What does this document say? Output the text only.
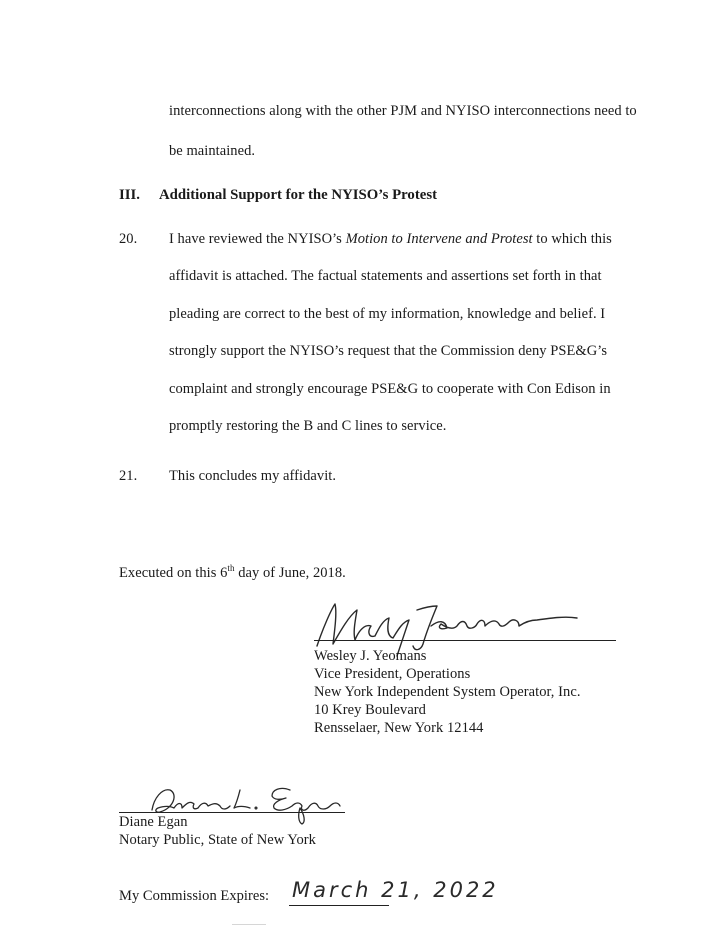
interconnections along with the other PJM and NYISO interconnections need to
be maintained.
III. Additional Support for the NYISO’s Protest
20. I have reviewed the NYISO’s Motion to Intervene and Protest to which this
affidavit is attached. The factual statements and assertions set forth in that
pleading are correct to the best of my information, knowledge and belief. I
strongly support the NYISO’s request that the Commission deny PSE&G’s
complaint and strongly encourage PSE&G to cooperate with Con Edison in
promptly restoring the B and C lines to service.
21. This concludes my affidavit.
Executed on this 6th day of June, 2018.
Wesley J. Yeomans
Vice President, Operations
New York Independent System Operator, Inc.
10 Krey Boulevard
Rensselaer, New York 12144
Diane Egan
Notary Public, State of New York
My Commission Expires: March 21, 2022
